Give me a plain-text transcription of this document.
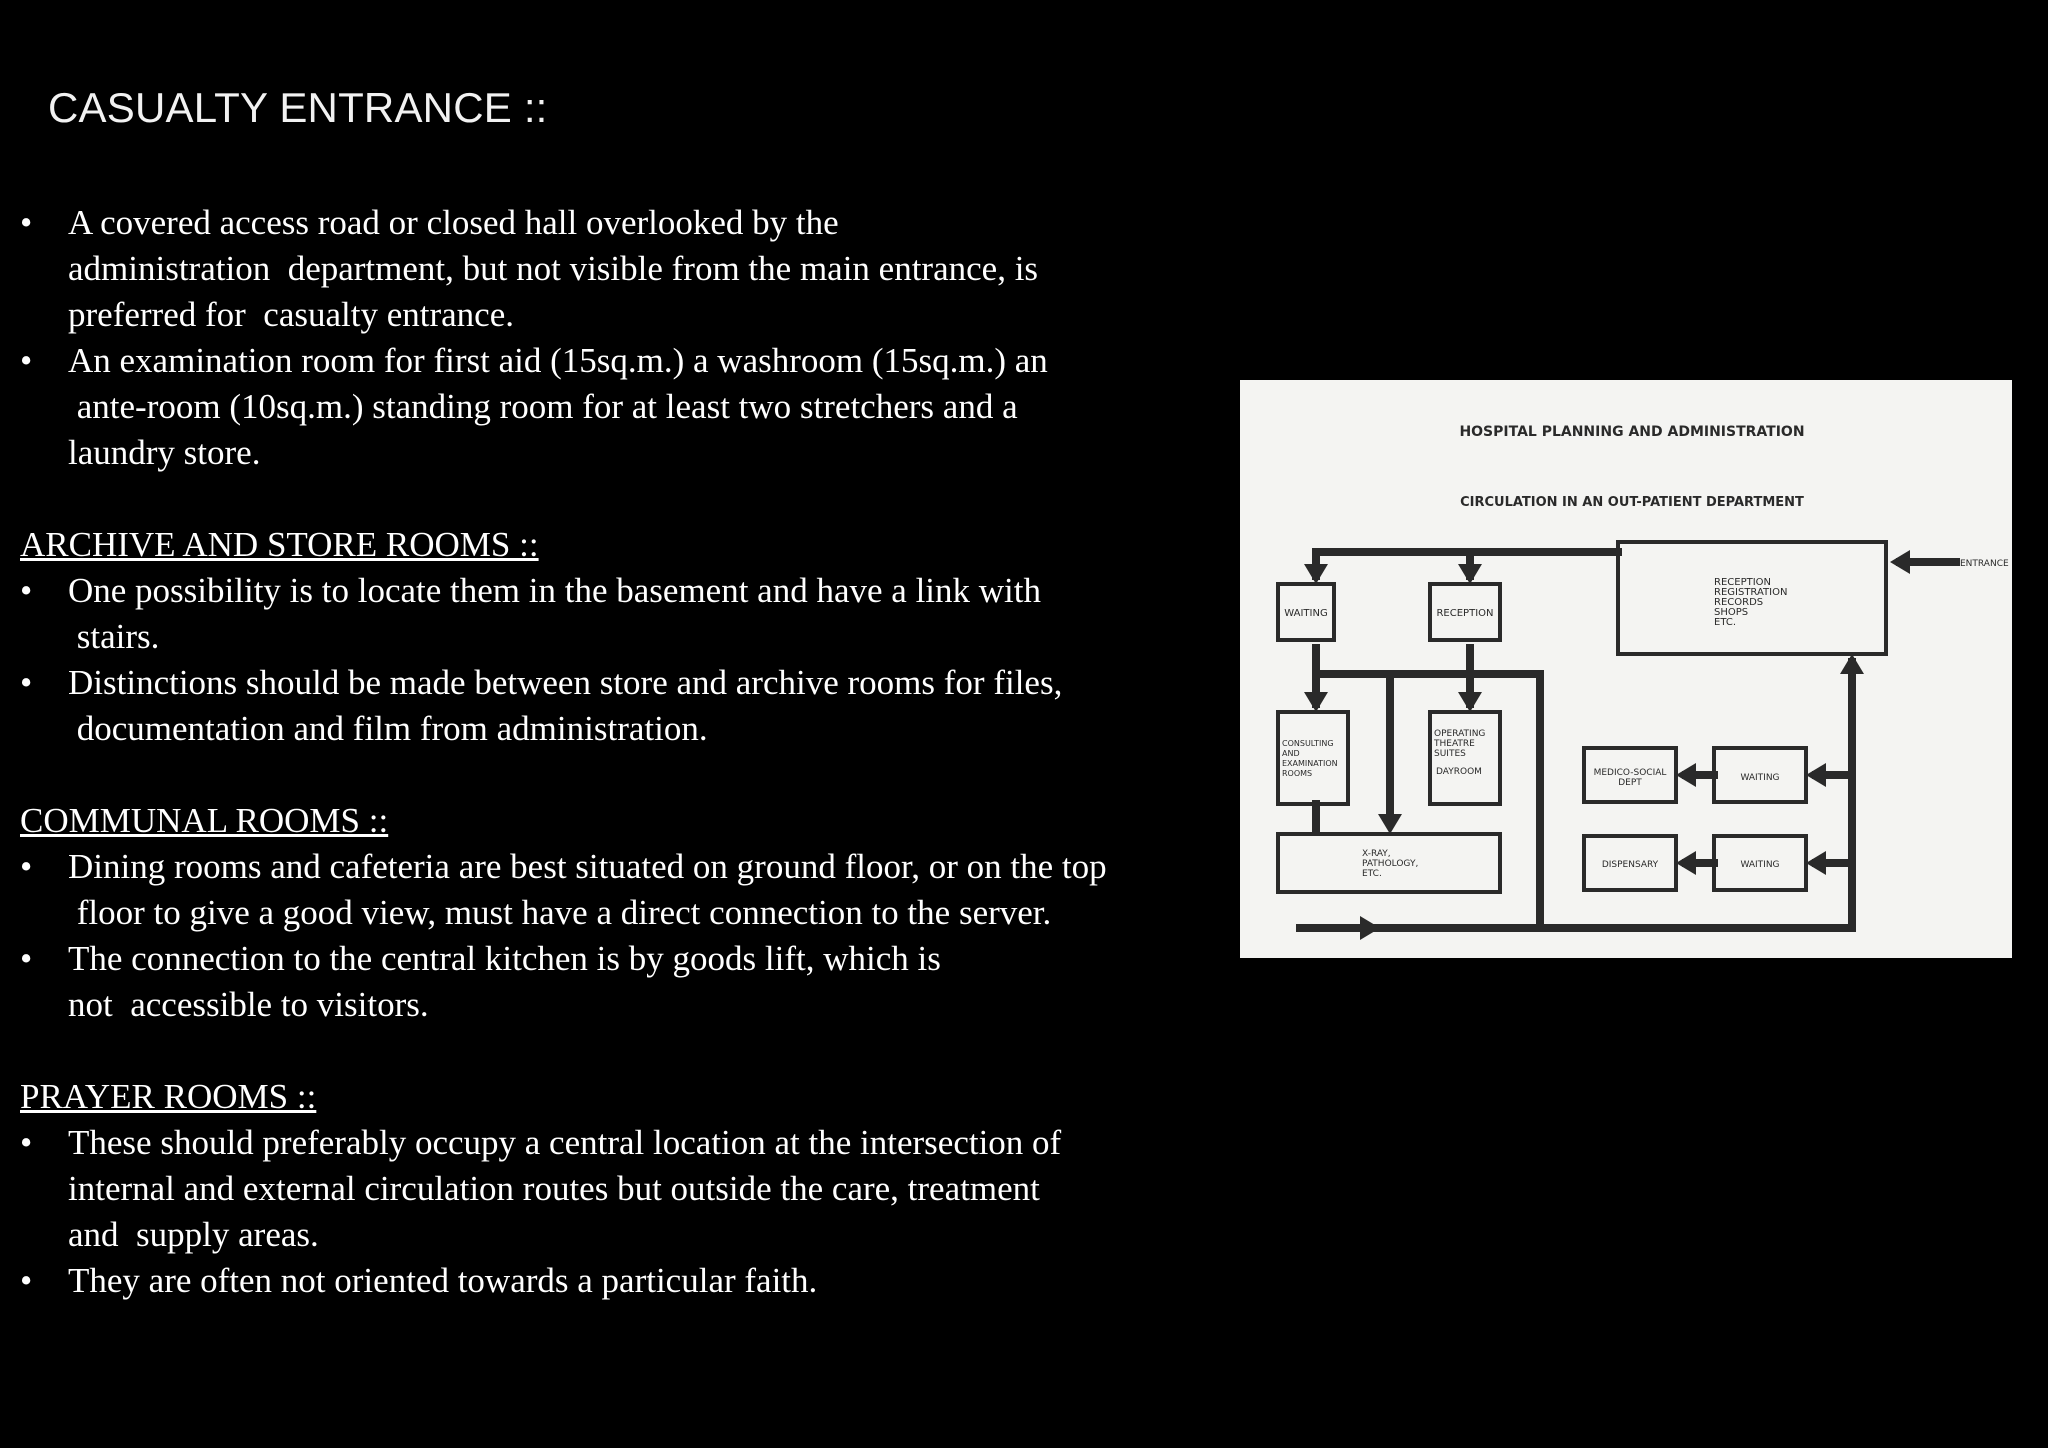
CASUALTY ENTRANCE ::
•	A covered access road or closed hall overlooked by the
administration  department, but not visible from the main entrance, is
preferred for  casualty entrance.
•	An examination room for first aid (15sq.m.) a washroom (15sq.m.) an
ante-room (10sq.m.) standing room for at least two stretchers and a
laundry store.
ARCHIVE AND STORE ROOMS ::
•	One possibility is to locate them in the basement and have a link with
stairs.
•	Distinctions should be made between store and archive rooms for files,
documentation and film from administration.
COMMUNAL ROOMS ::
•	Dining rooms and cafeteria are best situated on ground floor, or on the top
floor to give a good view, must have a direct connection to the server.
•	The connection to the central kitchen is by goods lift, which is
not  accessible to visitors.
PRAYER ROOMS ::
•	These should preferably occupy a central location at the intersection of
internal and external circulation routes but outside the care, treatment
and  supply areas.
•	They are often not oriented towards a particular faith.
HOSPITAL PLANNING AND ADMINISTRATION
CIRCULATION IN AN OUT-PATIENT DEPARTMENT
ENTRANCE
WAITING	RECEPTION
RECEPTION
REGISTRATION
RECORDS
SHOPS
ETC.
CONSULTING
AND
EXAMINATION
ROOMS
OPERATING
THEATRE
SUITES
DAYROOM	MEDICO-SOCIAL
DEPT	WAITING
DISPENSARY	WAITING
X-RAY,
PATHOLOGY,
ETC.
